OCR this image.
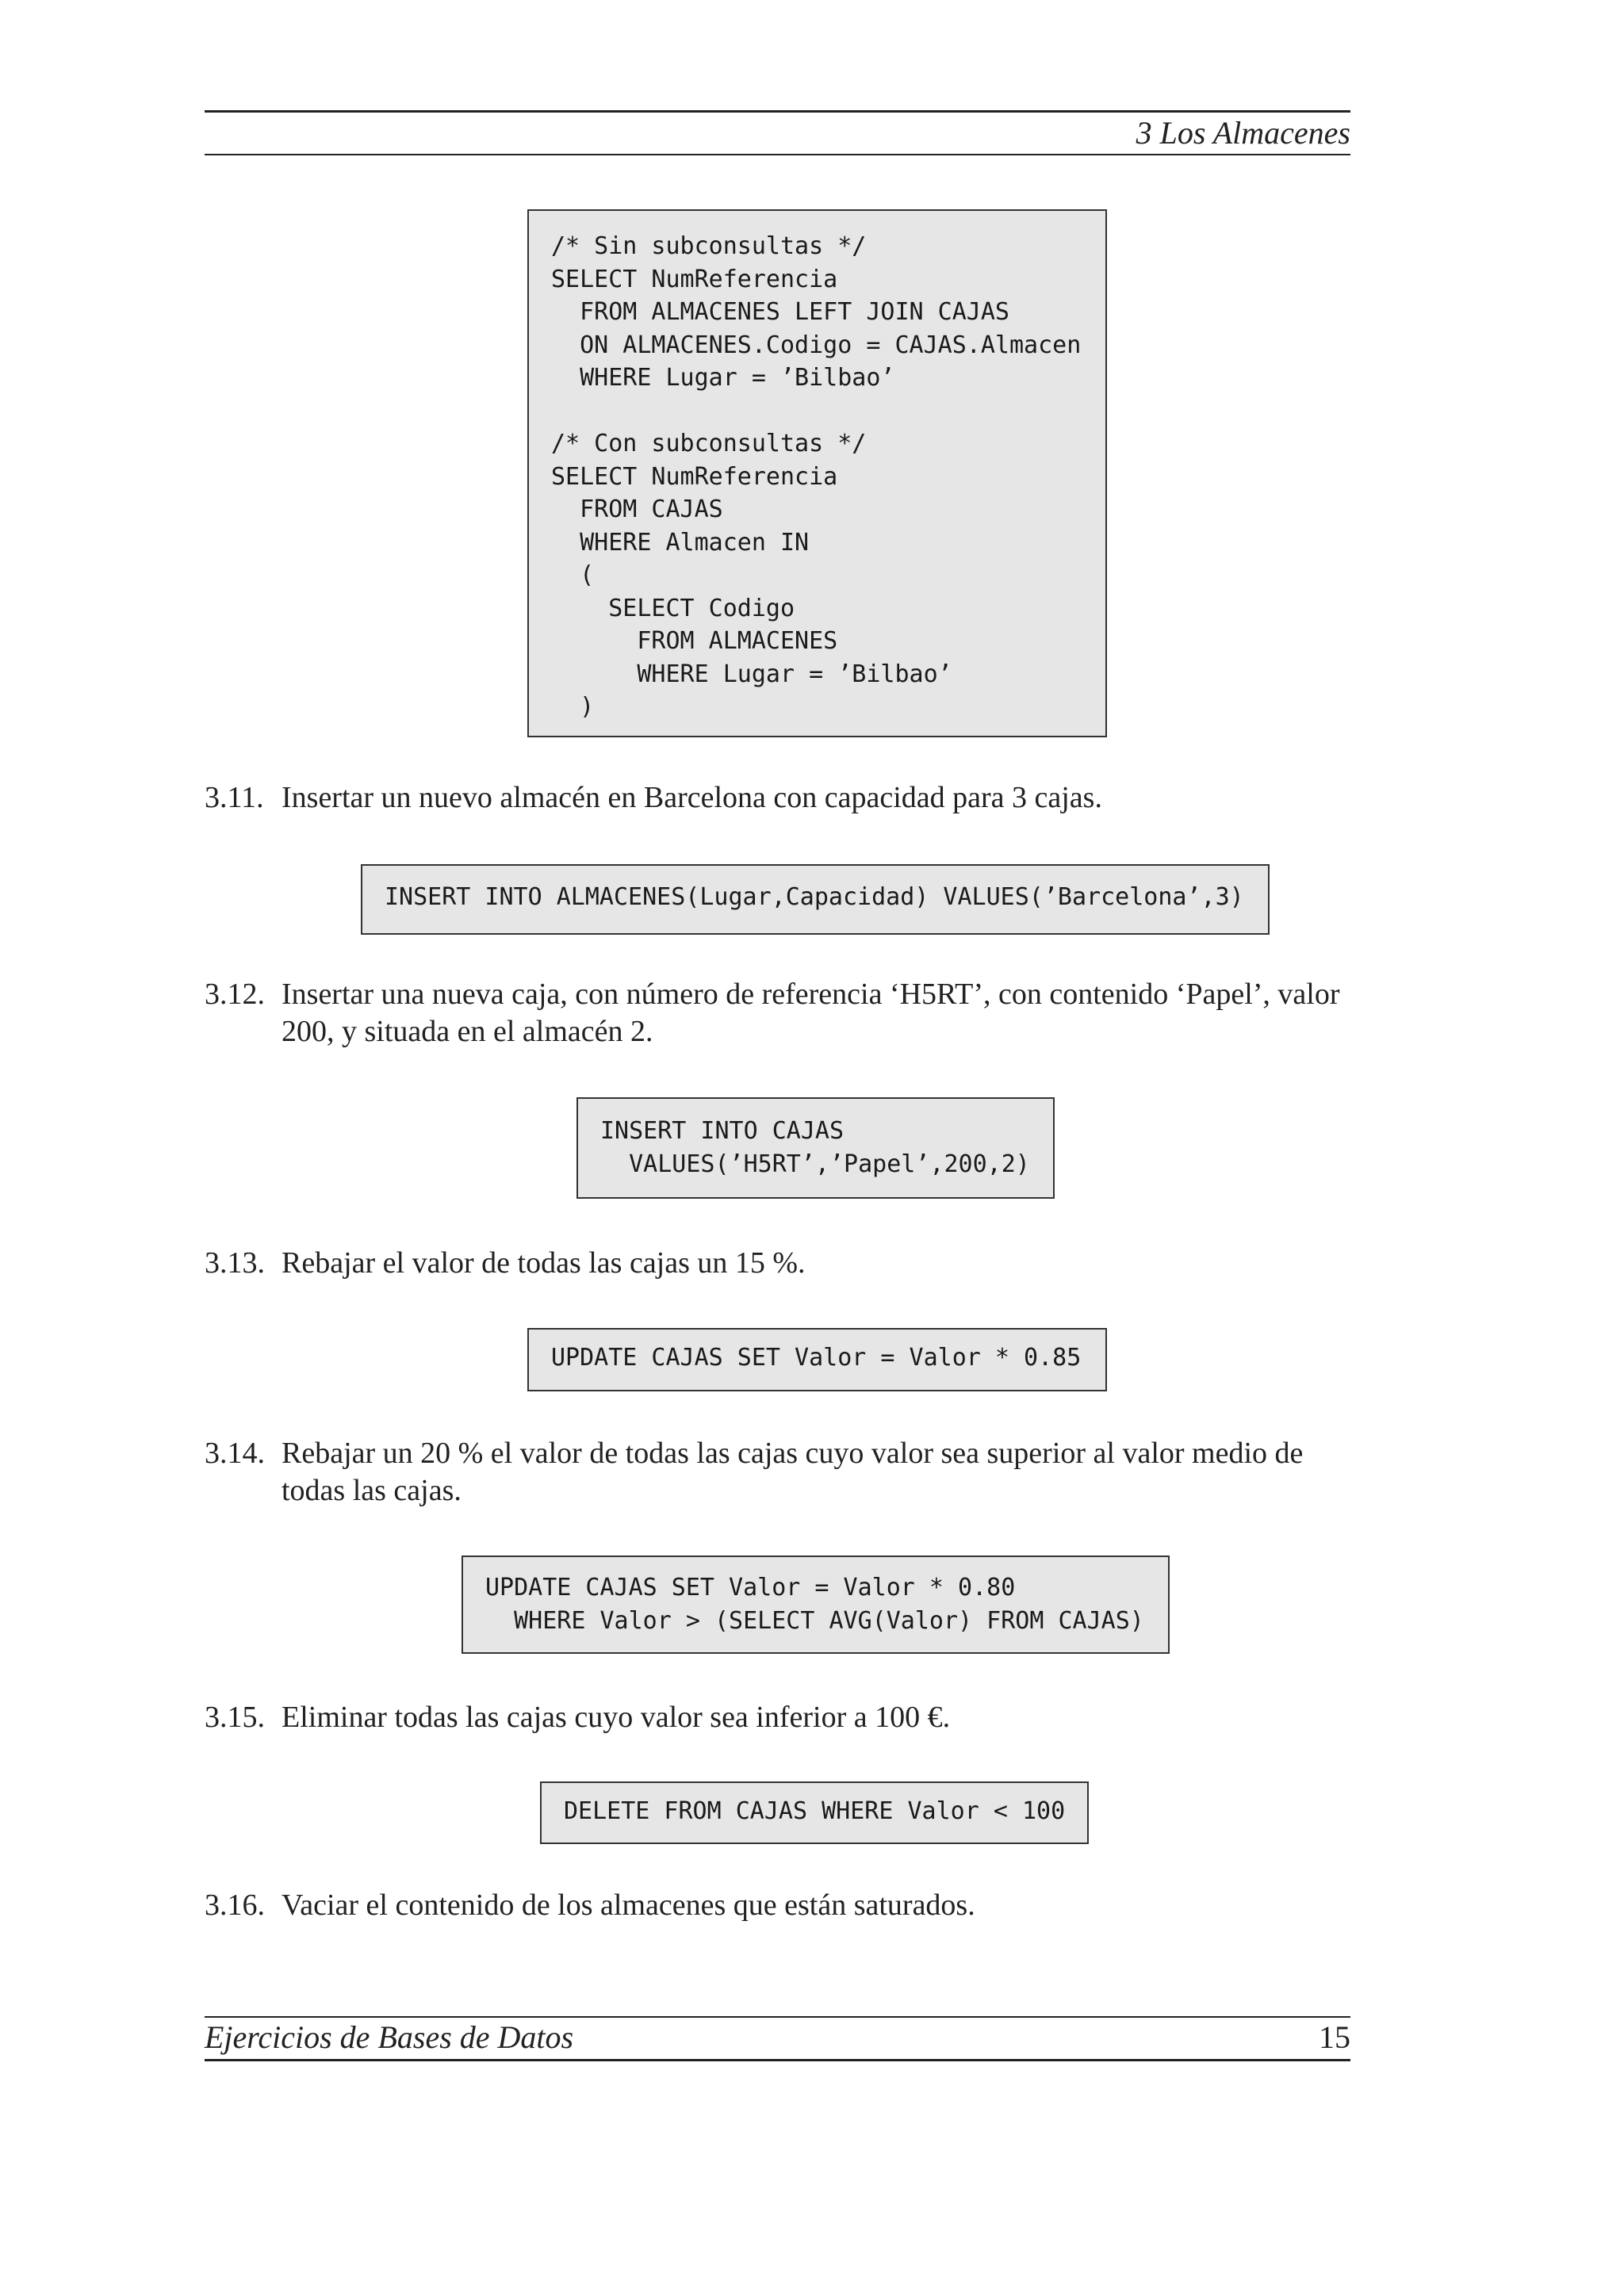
3 Los Almacenes
/* Sin subconsultas */
SELECT NumReferencia
FROM ALMACENES LEFT JOIN CAJAS
ON ALMACENES.Codigo = CAJAS.Almacen
WHERE Lugar = ’Bilbao’
/* Con subconsultas */
SELECT NumReferencia
FROM CAJAS
WHERE Almacen IN
(
SELECT Codigo
FROM ALMACENES
WHERE Lugar = ’Bilbao’
)
3.11. Insertar un nuevo almacén en Barcelona con capacidad para 3 cajas.
INSERT INTO ALMACENES(Lugar,Capacidad) VALUES(’Barcelona’,3)
3.12. Insertar una nueva caja, con número de referencia ‘H5RT’, con contenido ‘Papel’, valor 200, y situada en el almacén 2.
INSERT INTO CAJAS
VALUES(’H5RT’,’Papel’,200,2)
3.13. Rebajar el valor de todas las cajas un 15 %.
UPDATE CAJAS SET Valor = Valor * 0.85
3.14. Rebajar un 20 % el valor de todas las cajas cuyo valor sea superior al valor medio de todas las cajas.
UPDATE CAJAS SET Valor = Valor * 0.80
WHERE Valor > (SELECT AVG(Valor) FROM CAJAS)
3.15. Eliminar todas las cajas cuyo valor sea inferior a 100 €.
DELETE FROM CAJAS WHERE Valor < 100
3.16. Vaciar el contenido de los almacenes que están saturados.
Ejercicios de Bases de Datos	15
